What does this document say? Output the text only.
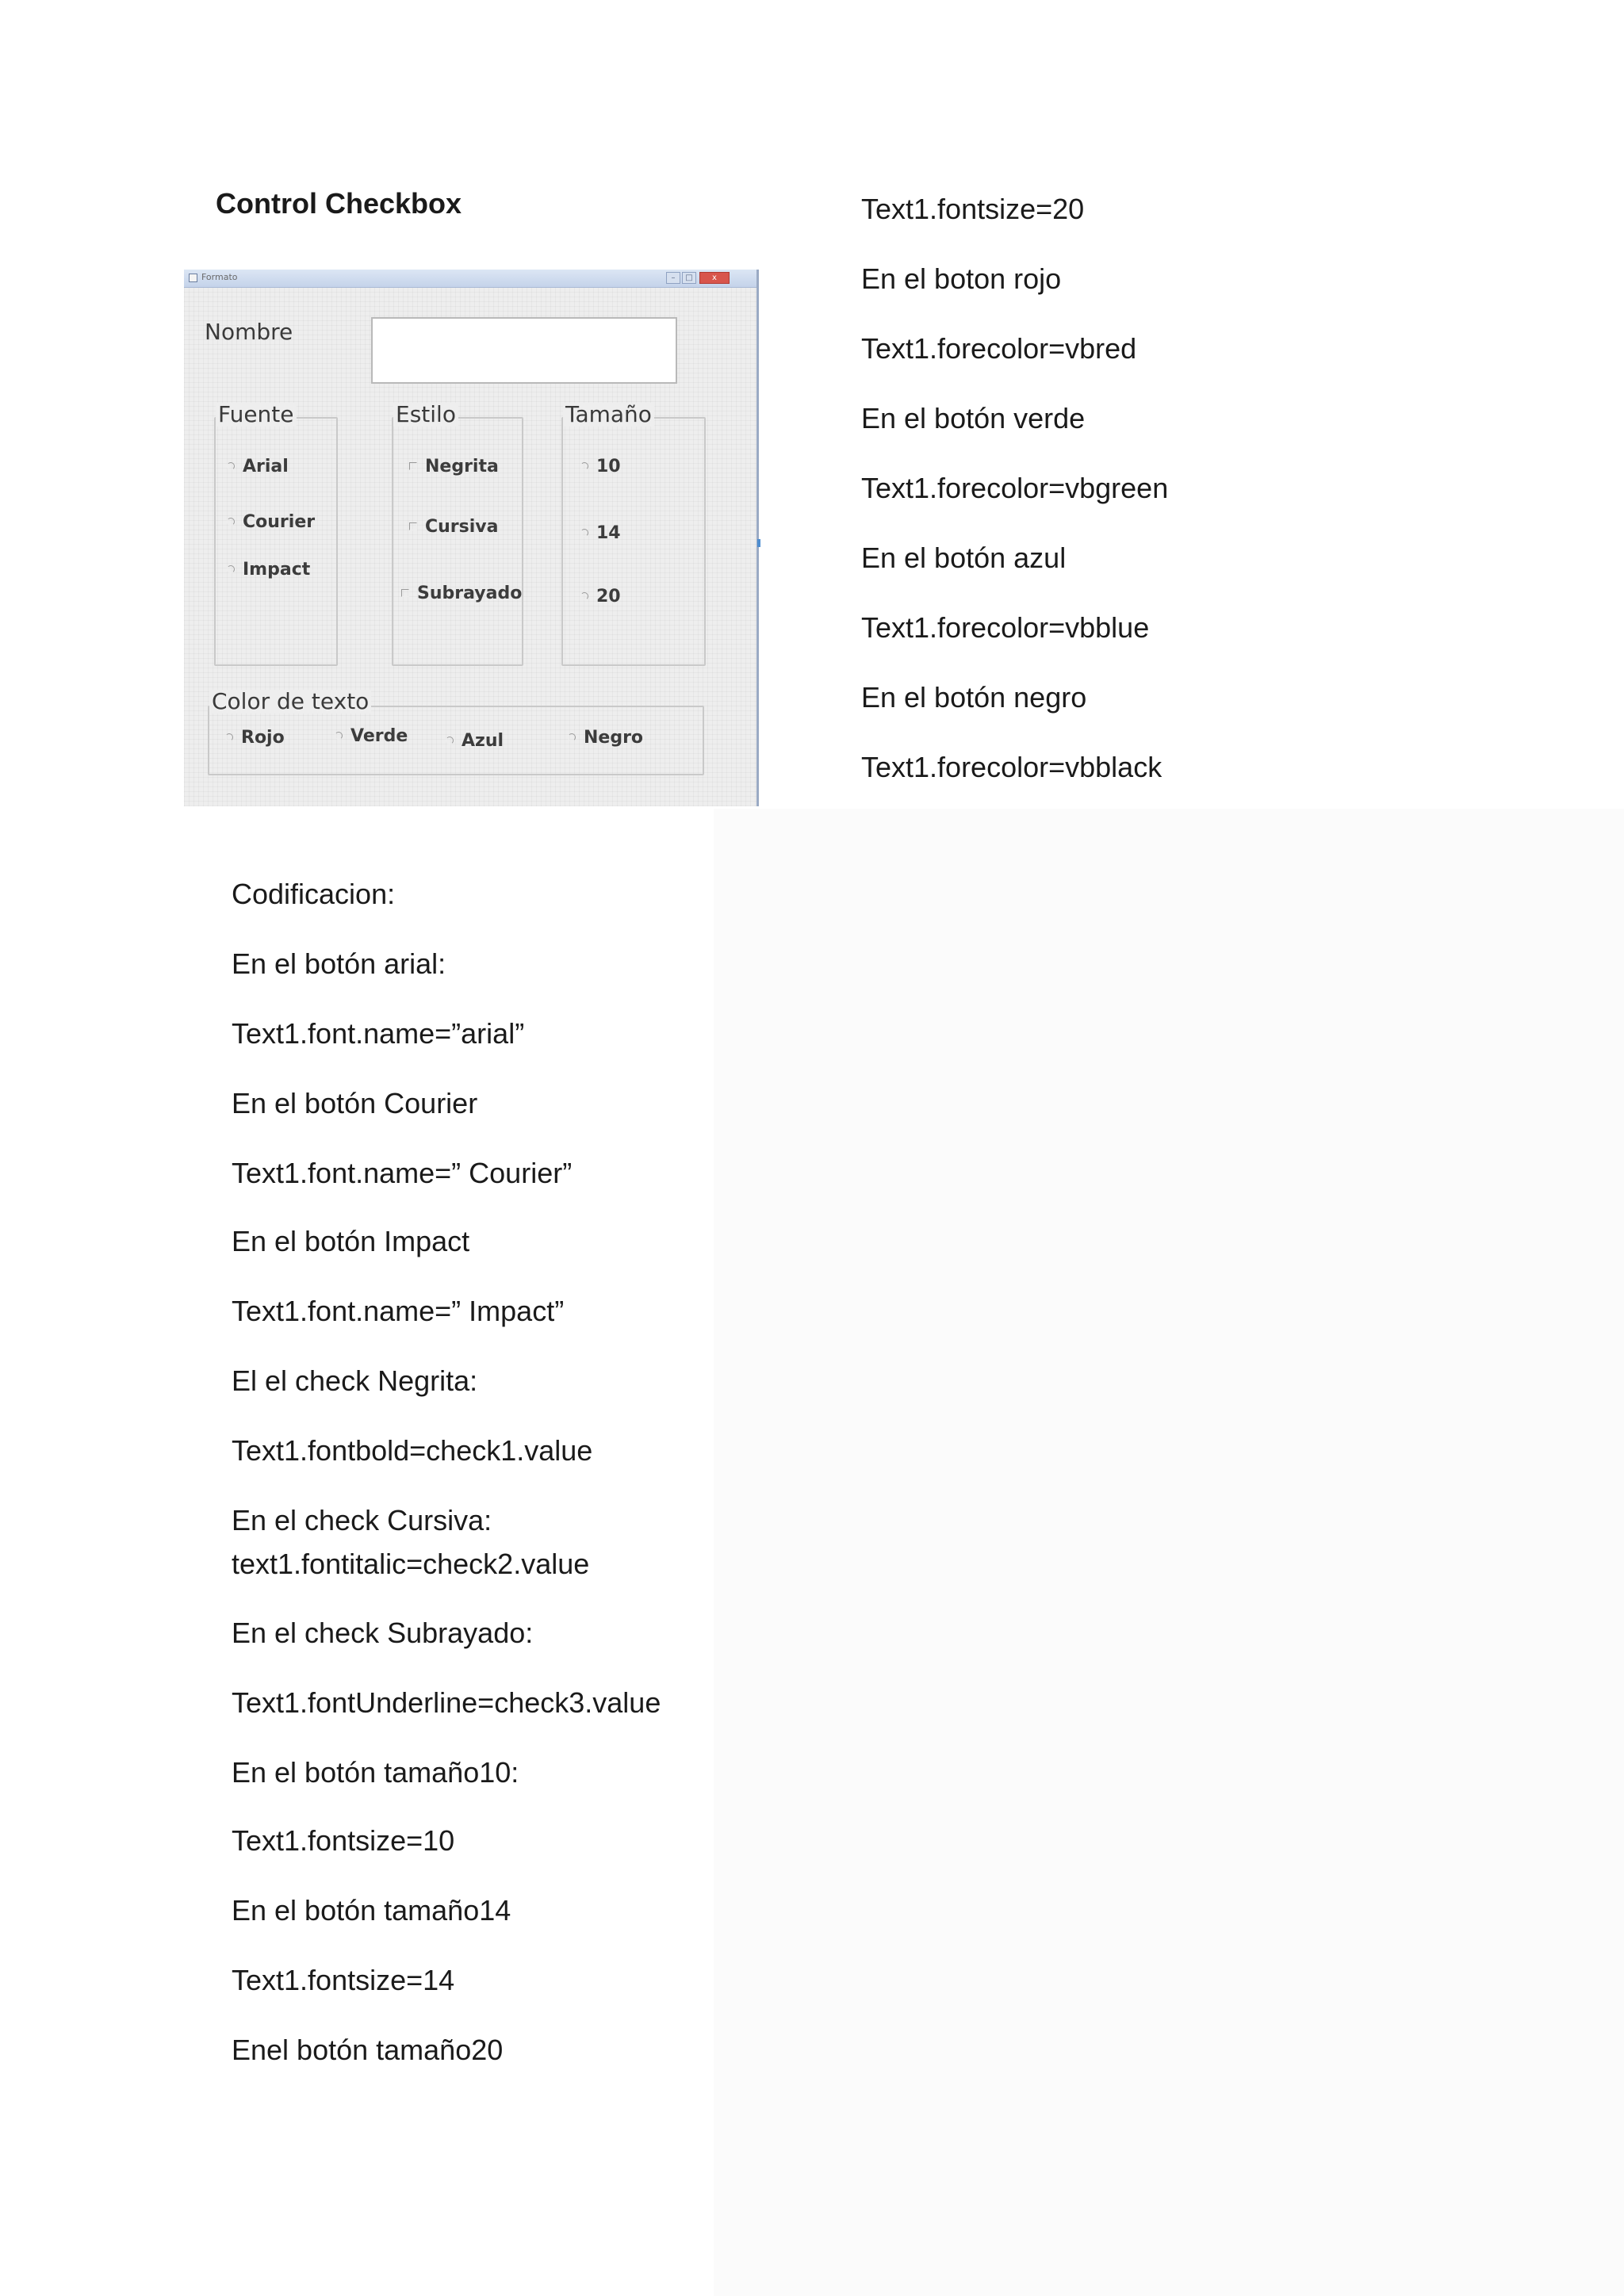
Control Checkbox
Formato	–	□	x
Nombre
Fuente
Arial
Courier
Impact
Estilo
Negrita
Cursiva
Subrayado
Tamaño
10
14
20
Color de texto
Rojo	Verde	Azul	Negro
Text1.fontsize=20
En el boton rojo
Text1.forecolor=vbred
En el botón verde
Text1.forecolor=vbgreen
En el botón azul
Text1.forecolor=vbblue
En el botón negro
Text1.forecolor=vbblack
Codificacion:
En el botón arial:
Text1.font.name=”arial”
En el botón Courier
Text1.font.name=” Courier”
En el botón Impact
Text1.font.name=” Impact”
El el check Negrita:
Text1.fontbold=check1.value
En el check Cursiva:
text1.fontitalic=check2.value
En el check Subrayado:
Text1.fontUnderline=check3.value
En el botón tamaño10:
Text1.fontsize=10
En el botón tamaño14
Text1.fontsize=14
Enel botón tamaño20
